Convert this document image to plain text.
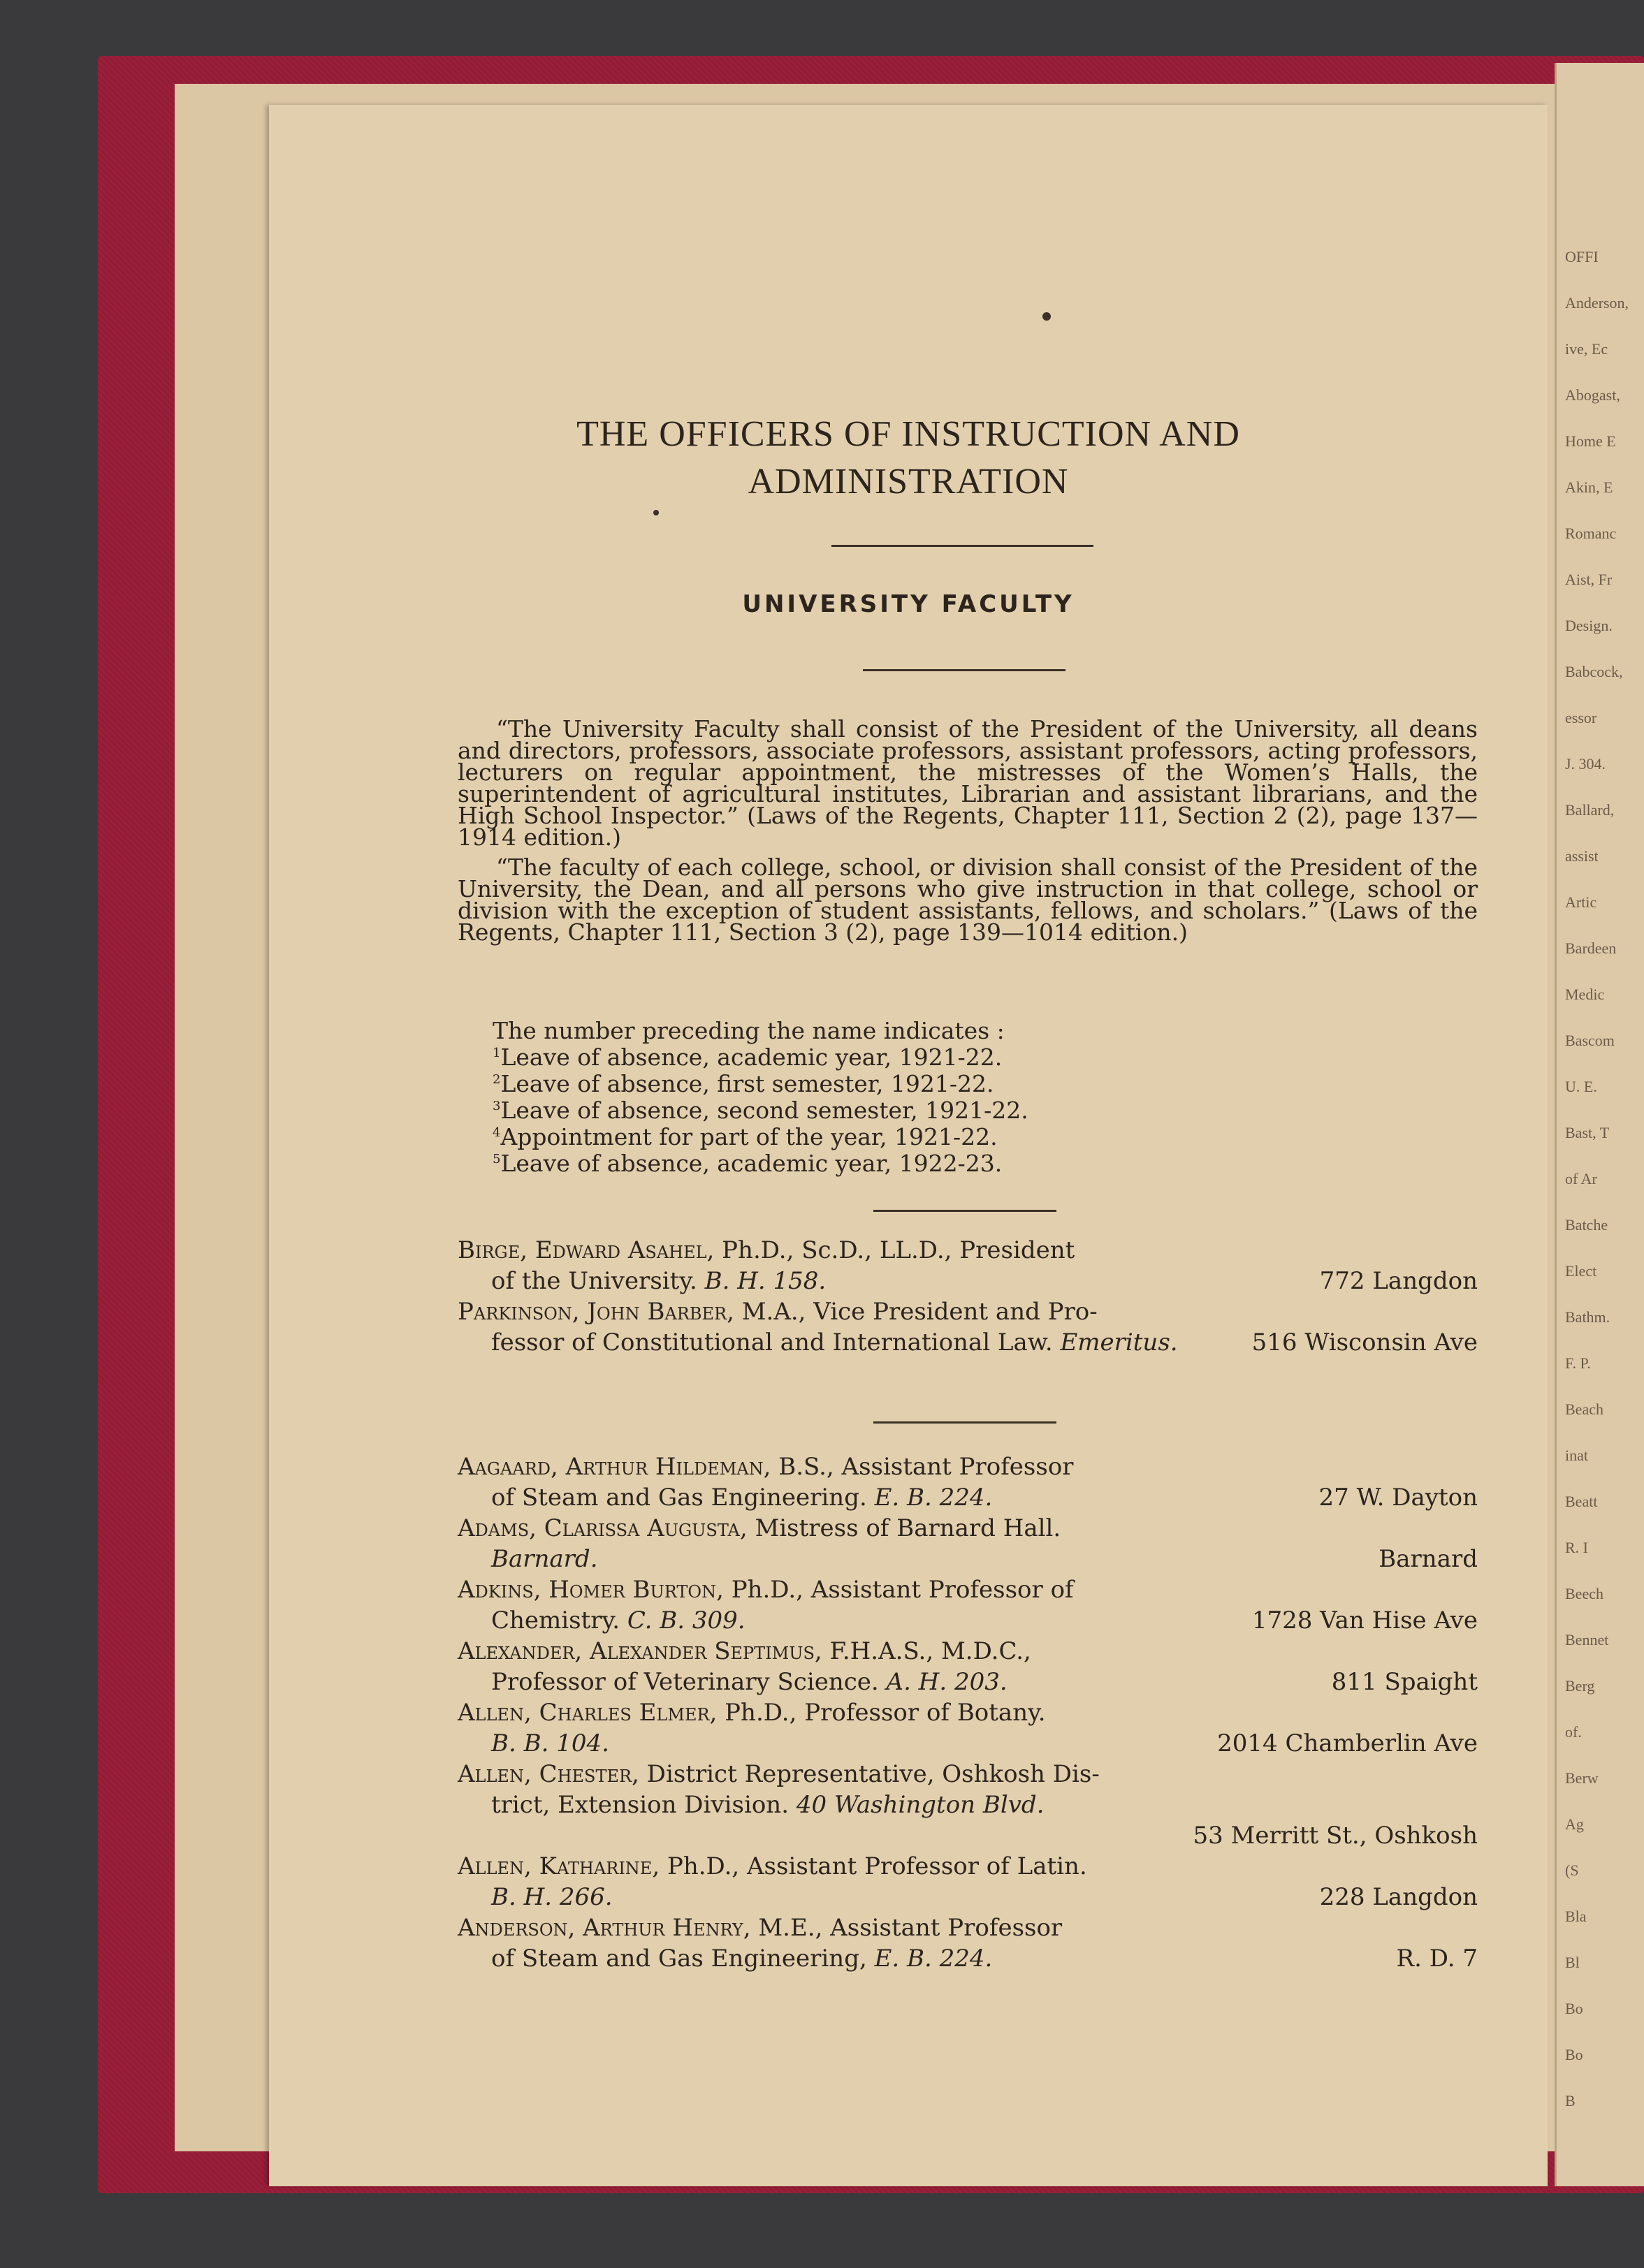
OFFI
Anderson,
ive, Ec
Abogast,
Home E
Akin, E
Romanc
Aist, Fr
Design.
Babcock,
essor
J. 304.
Ballard,
assist
Artic
Bardeen
Medic
Bascom
U. E.
Bast, T
of Ar
Batche
Elect
Bathm.
F. P.
Beach
inat
Beatt
R. I
Beech
Bennet
Berg
of.
Berw
Ag
(S
Bla
Bl
Bo
Bo
B
THE OFFICERS OF INSTRUCTION AND
ADMINISTRATION
UNIVERSITY FACULTY

“The University Faculty shall consist of the President of the University, all deans and directors, professors, associate professors, assistant professors, acting professors, lecturers on regular appointment, the mistresses of the Women’s Halls, the superintendent of agricultural institutes, Librarian and assistant librarians, and the High School Inspector.” (Laws of the Regents, Chapter 111, Section 2 (2), page 137—1914 edition.)

“The faculty of each college, school, or division shall consist of the President of the University, the Dean, and all persons who give instruction in that college, school or division with the exception of student assistants, fellows, and scholars.” (Laws of the Regents, Chapter 111, Section 3 (2), page 139—1014 edition.)

The number preceding the name indicates :
$^1$Leave of absence, academic year, 1921-22.
$^2$Leave of absence, first semester, 1921-22.
$^3$Leave of absence, second semester, 1921-22.
$^4$Appointment for part of the year, 1921-22.
$^5$Leave of absence, academic year, 1922-23.
Birge, Edward Asahel, Ph.D., Sc.D., LL.D., President
of the University. B. H. 158.	772 Langdon
Parkinson, John Barber, M.A., Vice President and Pro-
fessor of Constitutional and International Law. Emeritus.	516 Wisconsin Ave
Aagaard, Arthur Hildeman, B.S., Assistant Professor
of Steam and Gas Engineering. E. B. 224.	27 W. Dayton
Adams, Clarissa Augusta, Mistress of Barnard Hall.
Barnard.	Barnard
Adkins, Homer Burton, Ph.D., Assistant Professor of
Chemistry. C. B. 309.	1728 Van Hise Ave
Alexander, Alexander Septimus, F.H.A.S., M.D.C.,
Professor of Veterinary Science. A. H. 203.	811 Spaight
Allen, Charles Elmer, Ph.D., Professor of Botany.
B. B. 104.	2014 Chamberlin Ave
Allen, Chester, District Representative, Oshkosh Dis-
trict, Extension Division. 40 Washington Blvd.
53 Merritt St., Oshkosh
Allen, Katharine, Ph.D., Assistant Professor of Latin.
B. H. 266.	228 Langdon
Anderson, Arthur Henry, M.E., Assistant Professor
of Steam and Gas Engineering, E. B. 224.	R. D. 7
